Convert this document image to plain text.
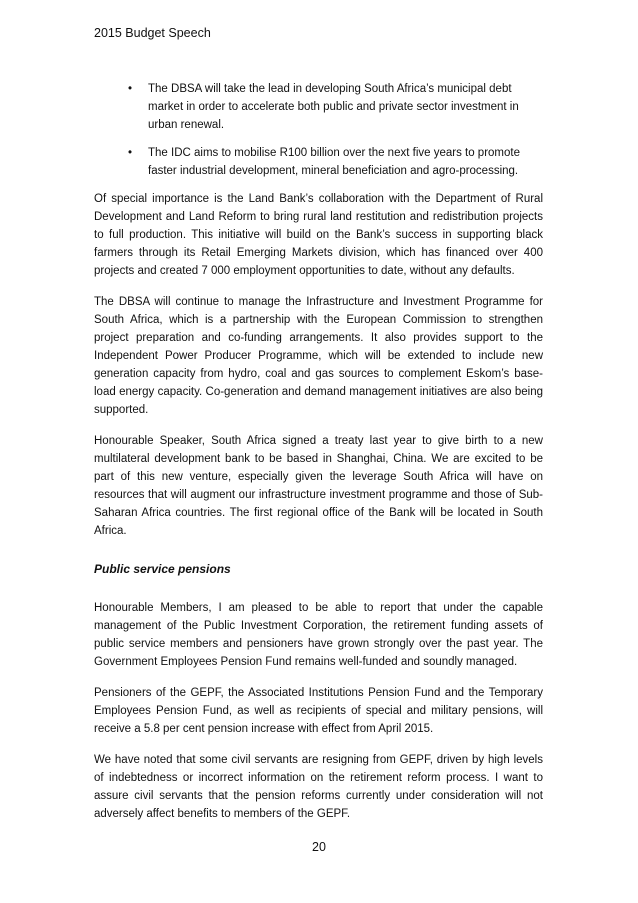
2015 Budget Speech
• The DBSA will take the lead in developing South Africa’s municipal debt market in order to accelerate both public and private sector investment in urban renewal.
• The IDC aims to mobilise R100 billion over the next five years to promote faster industrial development, mineral beneficiation and agro-processing.

Of special importance is the Land Bank’s collaboration with the Department of Rural Development and Land Reform to bring rural land restitution and redistribution projects to full production. This initiative will build on the Bank’s success in supporting black farmers through its Retail Emerging Markets division, which has financed over 400 projects and created 7 000 employment opportunities to date, without any defaults.

The DBSA will continue to manage the Infrastructure and Investment Programme for South Africa, which is a partnership with the European Commission to strengthen project preparation and co-funding arrangements. It also provides support to the Independent Power Producer Programme, which will be extended to include new generation capacity from hydro, coal and gas sources to complement Eskom’s base-load energy capacity. Co-generation and demand management initiatives are also being supported.

Honourable Speaker, South Africa signed a treaty last year to give birth to a new multilateral development bank to be based in Shanghai, China. We are excited to be part of this new venture, especially given the leverage South Africa will have on resources that will augment our infrastructure investment programme and those of Sub-Saharan Africa countries. The first regional office of the Bank will be located in South Africa.

Public service pensions

Honourable Members, I am pleased to be able to report that under the capable management of the Public Investment Corporation, the retirement funding assets of public service members and pensioners have grown strongly over the past year. The Government Employees Pension Fund remains well-funded and soundly managed.

Pensioners of the GEPF, the Associated Institutions Pension Fund and the Temporary Employees Pension Fund, as well as recipients of special and military pensions, will receive a 5.8 per cent pension increase with effect from April 2015.

We have noted that some civil servants are resigning from GEPF, driven by high levels of indebtedness or incorrect information on the retirement reform process. I want to assure civil servants that the pension reforms currently under consideration will not adversely affect benefits to members of the GEPF.

20
